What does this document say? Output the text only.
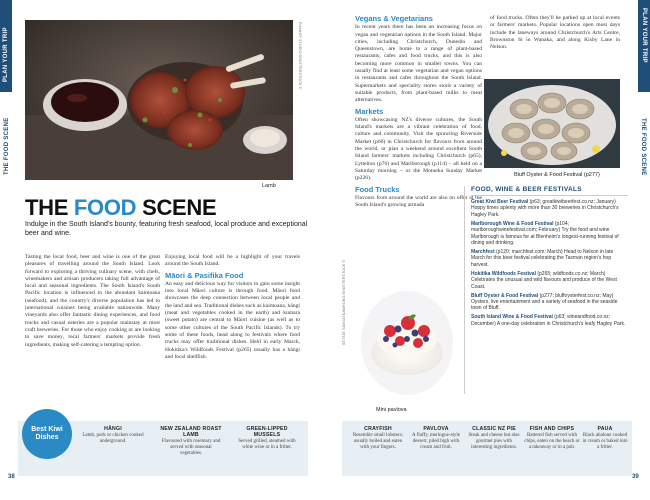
PLAN YOUR TRIP
THE FOOD SCENE
PLAN YOUR TRIP
THE FOOD SCENE
PHANOP STUDIO/SHUTTERSTOCK ©
Lamb
THE FOOD SCENE
Indulge in the South Island's bounty, featuring fresh seafood, local produce and exceptional beer and wine.

Tasting the local food, beer and wine is one of the great pleasures of travelling around the South Island. Look forward to exploring a thriving culinary scene, with chefs, winemakers and artisan producers taking full advantage of local and seasonal ingredients. The South Island's South Pacific location is influenced in the abundant kaimoana (seafood), and the country's diverse population has led to international cuisines being available nationwide. Many vineyards also offer fantastic dining experiences, and food trucks and casual eateries are a popular mainstay at most craft breweries. For those who enjoy cooking or are looking to save money, local farmers' markets provide fresh ingredients, making self-catering a tempting option.

Enjoying local food will be a highlight of your travels around the South Island.

Māori & Pasifika Food

An easy and delicious way for visitors to gain some insight into local Māori culture is through food. Māori food showcases the deep connection between local people and the land and sea. Traditional dishes such as kaimoana, hāngi (meat and vegetables cooked in the earth) and kumara (sweet potato) are central to Māori cuisine (as well as to some other cultures of the South Pacific Islands). To try some of these foods, head along to festivals where food trucks may offer traditional dishes. Held in early March, Hokitika's Wildfoods Festival (p265) usually has a hāngi and local shellfish.

Vegans & Vegetarians

In recent years there has been an increasing focus on vegan and vegetarian options in the South Island. Major cities, including Christchurch, Dunedin and Queenstown, are home to a range of plant-based restaurants, cafes and food trucks, and this is also becoming more common in smaller towns. You can usually find at least some vegetarian and vegan options in restaurants and cafes throughout the South Island. Supermarkets and speciality stores stock a variety of suitable products, from plant-based milks to meat alternatives.

Markets

Often showcasing NZ's diverse cultures, the South Island's markets are a vibrant celebration of food, culture and community. Visit the sprawling Riverside Market (p66) in Christchurch for flavours from around the world, or plan a weekend around excellent South Island farmers' markets including Christchurch (p65), Lyttelton (p76) and Marlborough (p114) – all held on a Saturday morning – or the Motueka Sunday Market (p226).

Food Trucks

Flavours from around the world are also on offer at the South Island's growing armada

of food trucks. Often they'll be parked up at local events or farmers' markets. Popular locations open most days include the laneways around Christchurch's Arts Centre, Brownston St in Wanaka, and along Kisby Lane in Nelson.

Bluff Oyster & Food Festival (p277)
SETTAT SAIKIATDAMRONG/SHUTTERSTOCK ©
Mini pavlova
FOOD, WINE & BEER FESTIVALS
Great Kiwi Beer Festival (p63; greatkiwibeerfest.co.nz; January) Hoppy times aplenty with more than 30 breweries in Christchurch's Hagley Park.
Marlborough Wine & Food Festival (p104; marlboroughwinefestival.com; February) Try the food and wine Marlborough is famous for at Blenheim's longest-running festival of dining and drinking.
Marchfest (p120; marchfest.com; March) Head to Nelson in late March for this beer festival celebrating the Tasman region's hop harvest.
Hokitika Wildfoods Festival (p265; wildfoods.co.nz; March) Celebrates the unusual and wild flavours and produce of the West Coast.
Bluff Oyster & Food Festival (p277; bluffoysterfest.co.nz; May) Oysters, live entertainment and a variety of seafood in the seaside town of Bluff.
South Island Wine & Food Festival (p63; wineandfood.co.nz; December) A one-day celebration in Christchurch's leafy Hagley Park.
Best Kiwi Dishes
HĀNGI
Lamb, pork or chicken cooked underground.
NEW ZEALAND ROAST LAMB
Flavoured with rosemary and served with seasonal vegetables.
GREEN-LIPPED MUSSELS
Served grilled, steamed with white wine or in a fritter.
CRAYFISH
Resemble small lobsters; usually boiled and eaten with your fingers.
PAVLOVA
A fluffy, meringue-style dessert, piled high with cream and fruit.
CLASSIC NZ PIE
Steak and cheese but also gourmet pies with interesting ingredients.
FISH AND CHIPS
Battered fish served with chips, eaten on the beach or a takeaway or in a pub.
PAUA
Black abalone cooked in cream or baked into a fritter.
38	39
